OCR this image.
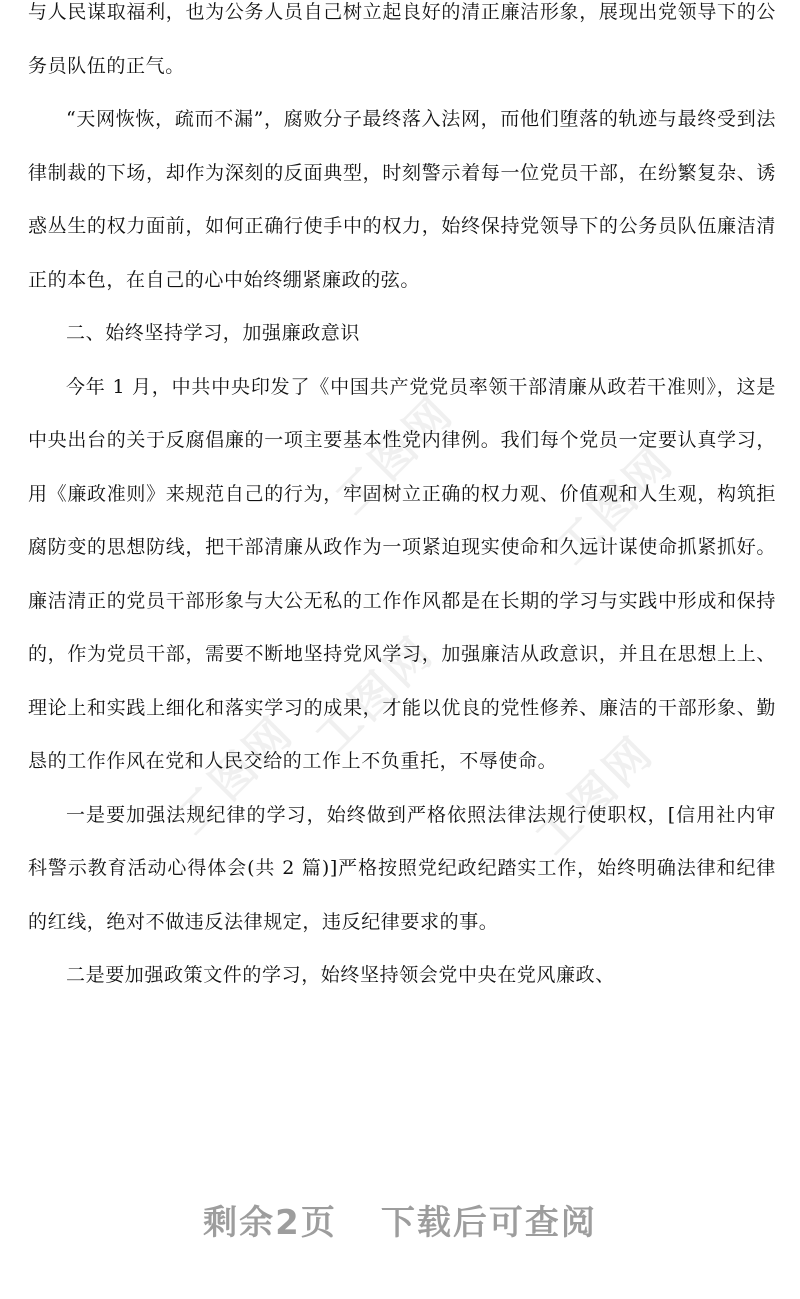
工图网 工图网
工图网
工图网	工图网

与人民谋取福利，也为公务人员自己树立起良好的清正廉洁形象，展现出党领导下的公务员队伍的正气。

“天网恢恢，疏而不漏”，腐败分子最终落入法网，而他们堕落的轨迹与最终受到法律制裁的下场，却作为深刻的反面典型，时刻警示着每一位党员干部，在纷繁复杂、诱惑丛生的权力面前，如何正确行使手中的权力，始终保持党领导下的公务员队伍廉洁清正的本色，在自己的心中始终绷紧廉政的弦。

二、始终坚持学习，加强廉政意识

今年 1 月，中共中央印发了《中国共产党党员率领干部清廉从政若干准则》，这是中央出台的关于反腐倡廉的一项主要基本性党内律例。我们每个党员一定要认真学习，用《廉政准则》来规范自己的行为，牢固树立正确的权力观、价值观和人生观，构筑拒腐防变的思想防线，把干部清廉从政作为一项紧迫现实使命和久远计谋使命抓紧抓好。廉洁清正的党员干部形象与大公无私的工作作风都是在长期的学习与实践中形成和保持的，作为党员干部，需要不断地坚持党风学习，加强廉洁从政意识，并且在思想上上、理论上和实践上细化和落实学习的成果，才能以优良的党性修养、廉洁的干部形象、勤恳的工作作风在党和人民交给的工作上不负重托，不辱使命。

一是要加强法规纪律的学习，始终做到严格依照法律法规行使职权，[信用社内审科警示教育活动心得体会(共 2 篇)]严格按照党纪政纪踏实工作，始终明确法律和纪律的红线，绝对不做违反法律规定，违反纪律要求的事。

二是要加强政策文件的学习，始终坚持领会党中央在党风廉政、

剩余2页 下载后可查阅
